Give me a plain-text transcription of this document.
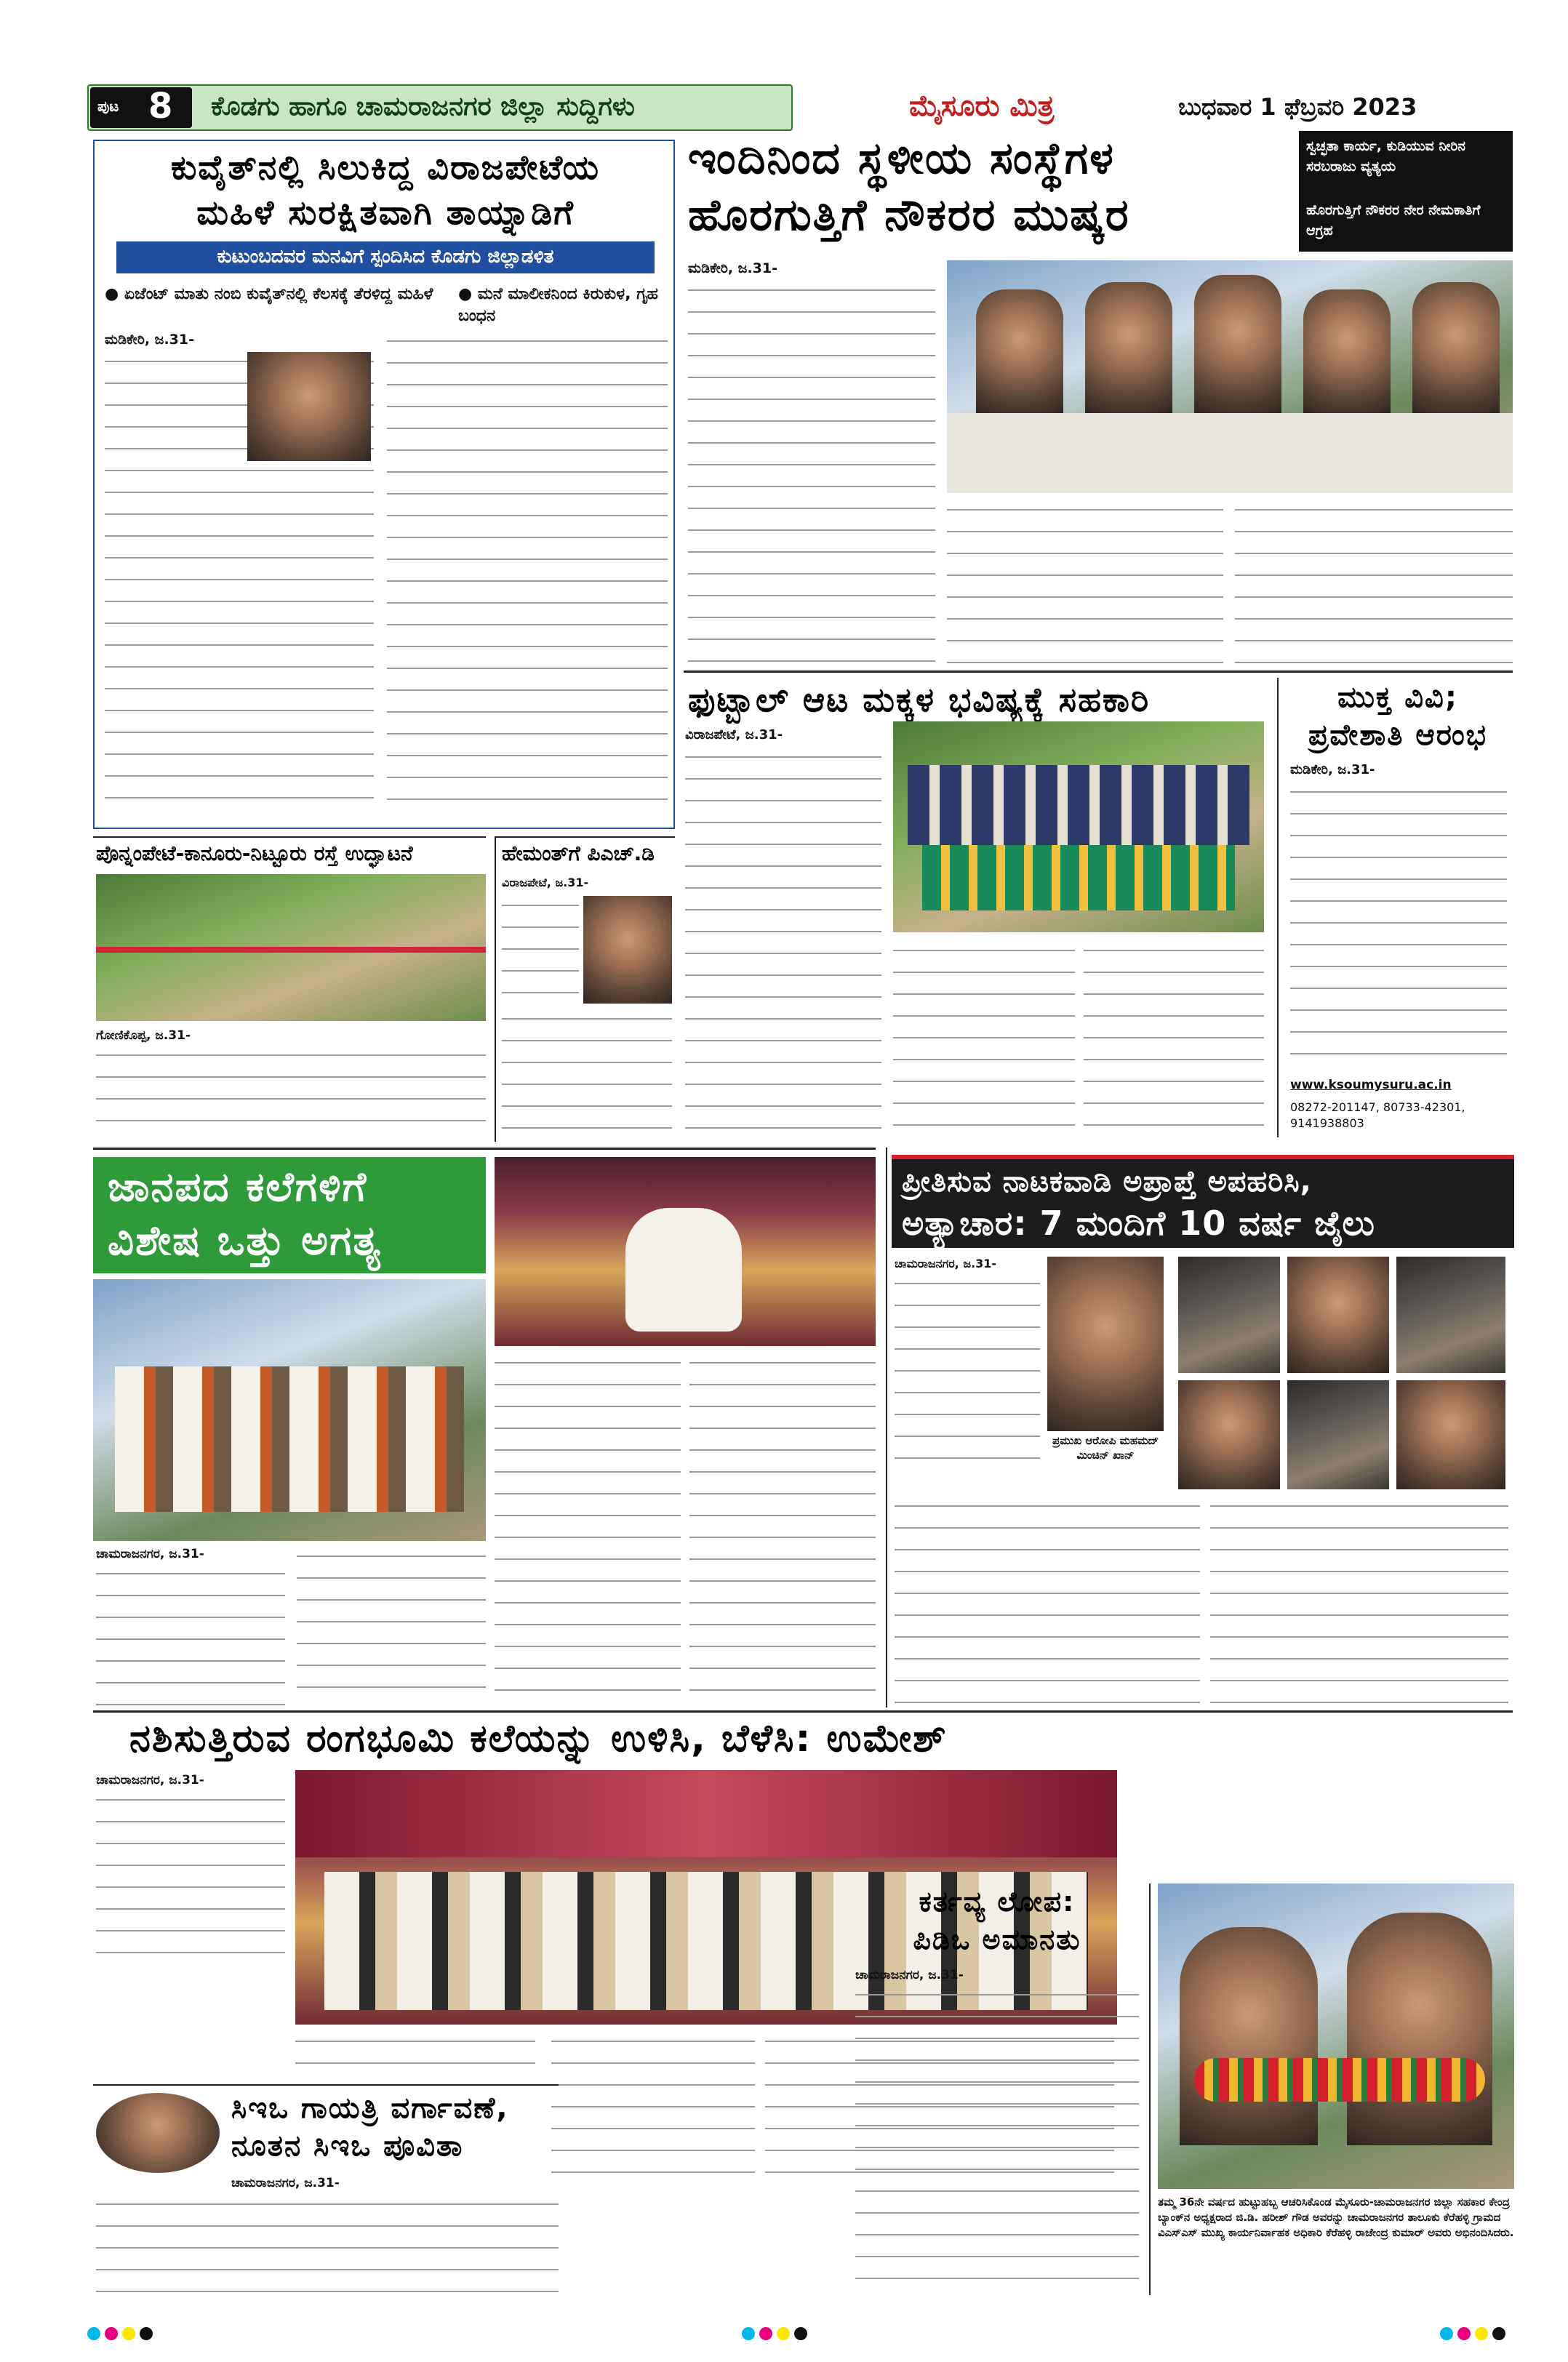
ಪುಟ 8 ಕೊಡಗು ಹಾಗೂ ಚಾಮರಾಜನಗರ ಜಿಲ್ಲಾ ಸುದ್ದಿಗಳು	ಮೈಸೂರು ಮಿತ್ರ	ಬುಧವಾರ 1 ಫೆಬ್ರವರಿ 2023
ಕುವೈತ್‌ನಲ್ಲಿ ಸಿಲುಕಿದ್ದ ವಿರಾಜಪೇಟೆಯ
ಮಹಿಳೆ ಸುರಕ್ಷಿತವಾಗಿ ತಾಯ್ನಾಡಿಗೆ
ಕುಟುಂಬದವರ ಮನವಿಗೆ ಸ್ಪಂದಿಸಿದ ಕೊಡಗು ಜಿಲ್ಲಾಡಳಿತ
● ಏಜೆಂಟ್ ಮಾತು ನಂಬಿ ಕುವೈತ್‌ನಲ್ಲಿ ಕೆಲಸಕ್ಕೆ ತೆರಳಿದ್ದ ಮಹಿಳೆ	● ಮನೆ ಮಾಲೀಕನಿಂದ ಕಿರುಕುಳ, ಗೃಹ ಬಂಧನ
ಮಡಿಕೇರಿ, ಜ.31-
ಇಂದಿನಿಂದ ಸ್ಥಳೀಯ ಸಂಸ್ಥೆಗಳ
ಹೊರಗುತ್ತಿಗೆ ನೌಕರರ ಮುಷ್ಕರ
ಸ್ವಚ್ಛತಾ ಕಾರ್ಯ, ಕುಡಿಯುವ ನೀರಿನ ಸರಬರಾಜು ವ್ಯತ್ಯಯ
ಹೊರಗುತ್ತಿಗೆ ನೌಕರರ ನೇರ ನೇಮಕಾತಿಗೆ ಆಗ್ರಹ
ಮಡಿಕೇರಿ, ಜ.31-
ಫುಟ್ಬಾಲ್ ಆಟ ಮಕ್ಕಳ ಭವಿಷ್ಯಕ್ಕೆ ಸಹಕಾರಿ
ವಿರಾಜಪೇಟೆ, ಜ.31-
ಮುಕ್ತ ವಿವಿ;
ಪ್ರವೇಶಾತಿ ಆರಂಭ
ಮಡಿಕೇರಿ, ಜ.31-
www.ksoumysuru.ac.in
08272-201147, 80733-42301, 9141938803
ಪೊನ್ನಂಪೇಟೆ-ಕಾನೂರು-ನಿಟ್ಟೂರು ರಸ್ತೆ ಉದ್ಘಾಟನೆ
ಗೋಣಿಕೊಪ್ಪ, ಜ.31-
ಹೇಮಂತ್‌ಗೆ ಪಿಎಚ್.ಡಿ
ವಿರಾಜಪೇಟೆ, ಜ.31-
ಜಾನಪದ ಕಲೆಗಳಿಗೆ
ವಿಶೇಷ ಒತ್ತು ಅಗತ್ಯ
ಚಾಮರಾಜನಗರ, ಜ.31-
ಪ್ರೀತಿಸುವ ನಾಟಕವಾಡಿ ಅಪ್ರಾಪ್ತೆ ಅಪಹರಿಸಿ,
ಅತ್ಯಾಚಾರ: 7 ಮಂದಿಗೆ 10 ವರ್ಷ ಜೈಲು
ಚಾಮರಾಜನಗರ, ಜ.31-
ಪ್ರಮುಖ ಆರೋಪಿ ಮಹಮದ್ ಮಿಂಚಿನ್ ಖಾನ್
ನಶಿಸುತ್ತಿರುವ ರಂಗಭೂಮಿ ಕಲೆಯನ್ನು ಉಳಿಸಿ, ಬೆಳೆಸಿ: ಉಮೇಶ್
ಚಾಮರಾಜನಗರ, ಜ.31-
ಸಿಇಒ ಗಾಯತ್ರಿ ವರ್ಗಾವಣೆ,
ನೂತನ ಸಿಇಒ ಪೂವಿತಾ
ಚಾಮರಾಜನಗರ, ಜ.31-
ಕರ್ತವ್ಯ ಲೋಪ:
ಪಿಡಿಒ ಅಮಾನತು
ಚಾಮರಾಜನಗರ, ಜ.31-
ತಮ್ಮ 36ನೇ ವರ್ಷದ ಹುಟ್ಟುಹಬ್ಬ ಆಚರಿಸಿಕೊಂಡ ಮೈಸೂರು-ಚಾಮರಾಜನಗರ ಜಿಲ್ಲಾ ಸಹಕಾರ ಕೇಂದ್ರ ಬ್ಯಾಂಕ್‌ನ ಅಧ್ಯಕ್ಷರಾದ ಜಿ.ಡಿ. ಹರೀಶ್ ಗೌಡ ಅವರನ್ನು ಚಾಮರಾಜನಗರ ತಾಲೂಕು ಕೆರೆಹಳ್ಳಿ ಗ್ರಾಮದ ವಿಎಸ್‌ಎಸ್ ಮುಖ್ಯ ಕಾರ್ಯನಿರ್ವಾಹಕ ಅಧಿಕಾರಿ ಕೆರೆಹಳ್ಳಿ ರಾಜೇಂದ್ರ ಕುಮಾರ್ ಅವರು ಅಭಿನಂದಿಸಿದರು.
